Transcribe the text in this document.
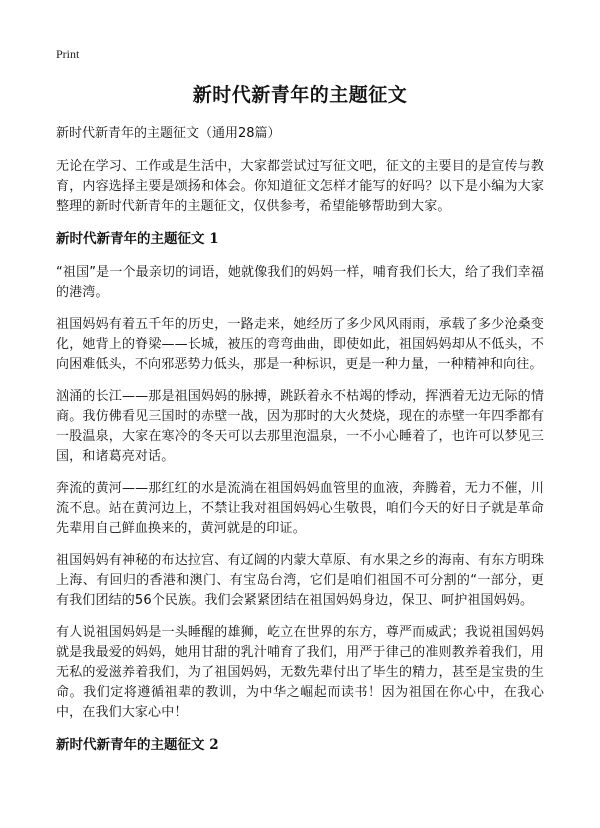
Print
新时代新青年的主题征文
新时代新青年的主题征文（通用28篇）

无论在学习、工作或是生活中，大家都尝试过写征文吧，征文的主要目的是宣传与教育，内容选择主要是颂扬和体会。你知道征文怎样才能写的好吗？以下是小编为大家整理的新时代新青年的主题征文，仅供参考，希望能够帮助到大家。

新时代新青年的主题征文 1

“祖国”是一个最亲切的词语，她就像我们的妈妈一样，哺育我们长大，给了我们幸福的港湾。

祖国妈妈有着五千年的历史，一路走来，她经历了多少风风雨雨，承载了多少沧桑变化，她背上的脊梁——长城，被压的弯弯曲曲，即使如此，祖国妈妈却从不低头，不向困难低头，不向邪恶势力低头，那是一种标识，更是一种力量，一种精神和向往。

汹涌的长江——那是祖国妈妈的脉搏，跳跃着永不枯竭的悸动，挥洒着无边无际的情商。我仿佛看见三国时的赤壁一战，因为那时的大火焚烧，现在的赤壁一年四季都有一股温泉，大家在寒冷的冬天可以去那里泡温泉，一不小心睡着了，也许可以梦见三国，和诸葛亮对话。

奔流的黄河——那红红的水是流淌在祖国妈妈血管里的血液，奔腾着，无力不催，川流不息。站在黄河边上，不禁让我对祖国妈妈心生敬畏，咱们今天的好日子就是革命先辈用自己鲜血换来的，黄河就是的印证。

祖国妈妈有神秘的布达拉宫、有辽阔的内蒙大草原、有水果之乡的海南、有东方明珠上海、有回归的香港和澳门、有宝岛台湾，它们是咱们祖国不可分割的“一部分，更有我们团结的56个民族。我们会紧紧团结在祖国妈妈身边，保卫、呵护祖国妈妈。

有人说祖国妈妈是一头睡醒的雄狮，屹立在世界的东方，尊严而威武；我说祖国妈妈就是我最爱的妈妈，她用甘甜的乳汁哺育了我们，用严于律己的准则教养着我们，用无私的爱滋养着我们，为了祖国妈妈，无数先辈付出了毕生的精力，甚至是宝贵的生命。我们定将遵循祖辈的教训，为中华之崛起而读书！因为祖国在你心中，在我心中，在我们大家心中！

新时代新青年的主题征文 2
